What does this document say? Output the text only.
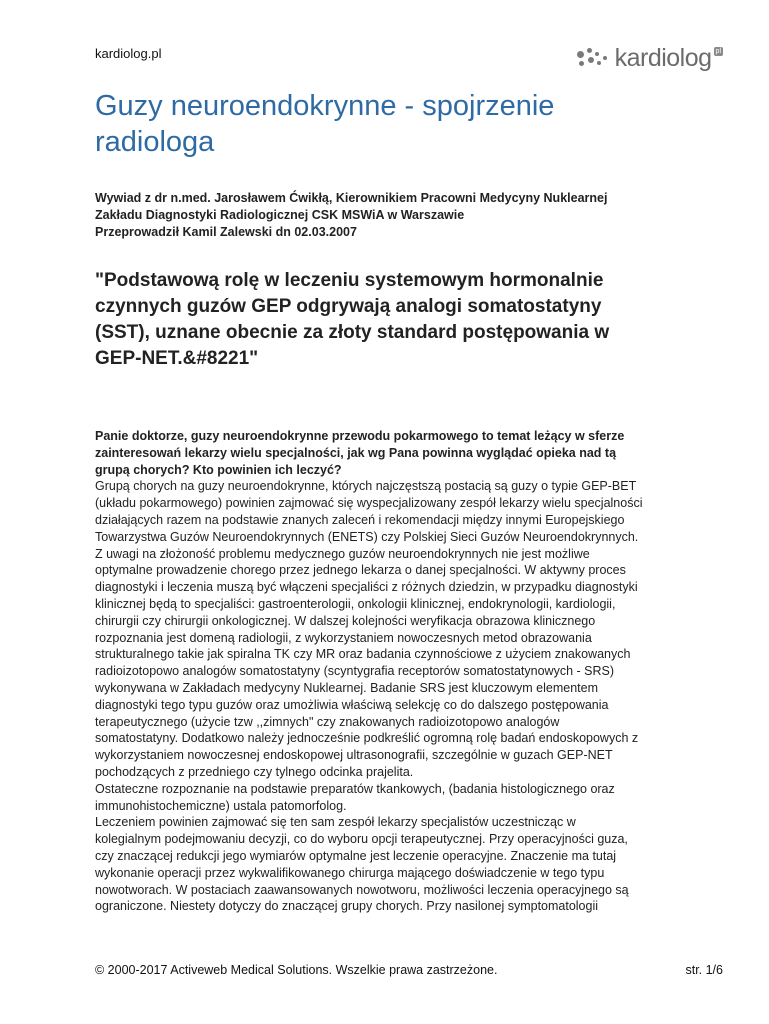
kardiolog.pl	kardiolog pl
Guzy neuroendokrynne - spojrzenie
radiologa
Wywiad z dr n.med. Jarosławem Ćwikłą, Kierownikiem Pracowni Medycyny Nuklearnej
Zakładu Diagnostyki Radiologicznej CSK MSWiA w Warszawie
Przeprowadził Kamil Zalewski dn 02.03.2007
"Podstawową rolę w leczeniu systemowym hormonalnie
czynnych guzów GEP odgrywają analogi somatostatyny
(SST), uznane obecnie za złoty standard postępowania w
GEP-NET.&#8221"
Panie doktorze, guzy neuroendokrynne przewodu pokarmowego to temat leżący w sferze
zainteresowań lekarzy wielu specjalności, jak wg Pana powinna wyglądać opieka nad tą
grupą chorych? Kto powinien ich leczyć?
Grupą chorych na guzy neuroendokrynne, których najczęstszą postacią są guzy o typie GEP-BET
(układu pokarmowego) powinien zajmować się wyspecjalizowany zespół lekarzy wielu specjalności
działających razem na podstawie znanych zaleceń i rekomendacji między innymi Europejskiego
Towarzystwa Guzów Neuroendokrynnych (ENETS) czy Polskiej Sieci Guzów Neuroendokrynnych.
Z uwagi na złożoność problemu medycznego guzów neuroendokrynnych nie jest możliwe
optymalne prowadzenie chorego przez jednego lekarza o danej specjalności. W aktywny proces
diagnostyki i leczenia muszą być włączeni specjaliści z różnych dziedzin, w przypadku diagnostyki
klinicznej będą to specjaliści: gastroenterologii, onkologii klinicznej, endokrynologii, kardiologii,
chirurgii czy chirurgii onkologicznej. W dalszej kolejności weryfikacja obrazowa klinicznego
rozpoznania jest domeną radiologii, z wykorzystaniem nowoczesnych metod obrazowania
strukturalnego takie jak spiralna TK czy MR oraz badania czynnościowe z użyciem znakowanych
radioizotopowo analogów somatostatyny (scyntygrafia receptorów somatostatynowych - SRS)
wykonywana w Zakładach medycyny Nuklearnej. Badanie SRS jest kluczowym elementem
diagnostyki tego typu guzów oraz umożliwia właściwą selekcję co do dalszego postępowania
terapeutycznego (użycie tzw ,,zimnych" czy znakowanych radioizotopowo analogów
somatostatyny. Dodatkowo należy jednocześnie podkreślić ogromną rolę badań endoskopowych z
wykorzystaniem nowoczesnej endoskopowej ultrasonografii, szczególnie w guzach GEP-NET
pochodzących z przedniego czy tylnego odcinka prajelita.
Ostateczne rozpoznanie na podstawie preparatów tkankowych, (badania histologicznego oraz
immunohistochemiczne) ustala patomorfolog.
Leczeniem powinien zajmować się ten sam zespół lekarzy specjalistów uczestnicząc w
kolegialnym podejmowaniu decyzji, co do wyboru opcji terapeutycznej. Przy operacyjności guza,
czy znaczącej redukcji jego wymiarów optymalne jest leczenie operacyjne. Znaczenie ma tutaj
wykonanie operacji przez wykwalifikowanego chirurga mającego doświadczenie w tego typu
nowotworach. W postaciach zaawansowanych nowotworu, możliwości leczenia operacyjnego są
ograniczone. Niestety dotyczy do znaczącej grupy chorych. Przy nasilonej symptomatologii
© 2000-2017 Activeweb Medical Solutions. Wszelkie prawa zastrzeżone.	str. 1/6
